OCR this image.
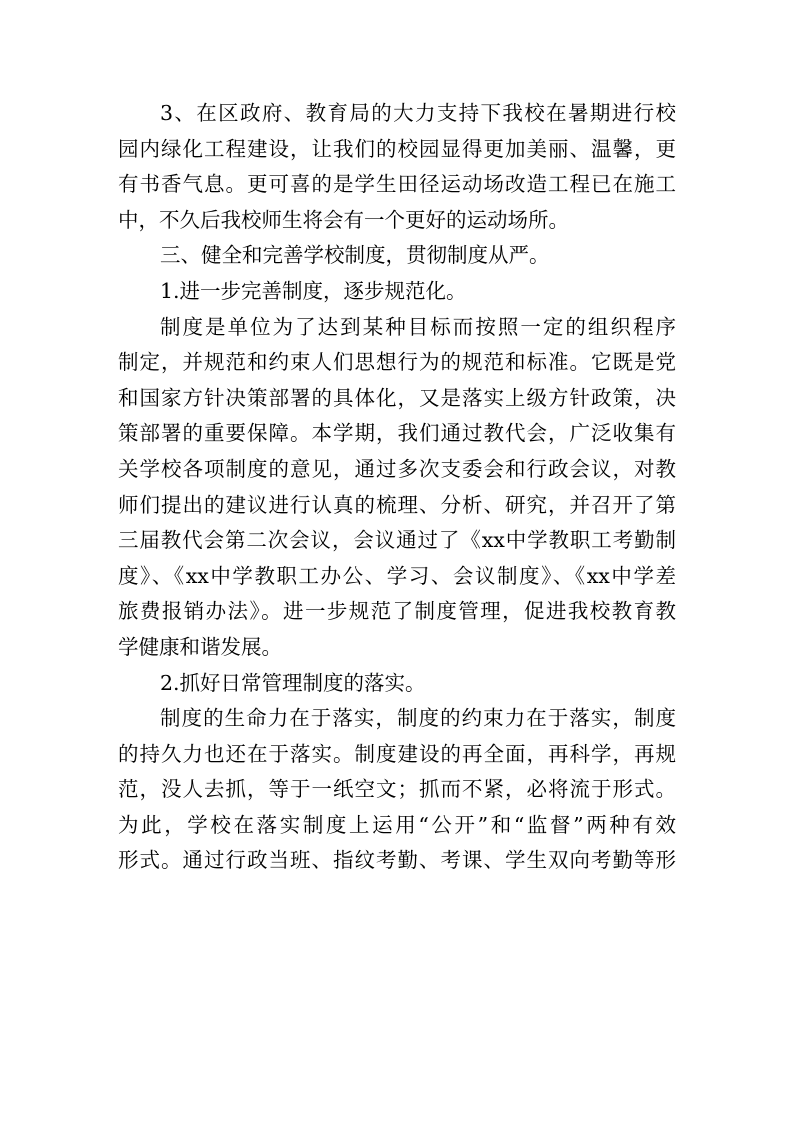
3、在区政府、教育局的大力支持下我校在暑期进行校
园内绿化工程建设，让我们的校园显得更加美丽、温馨，更
有书香气息。更可喜的是学生田径运动场改造工程已在施工
中，不久后我校师生将会有一个更好的运动场所。
三、健全和完善学校制度，贯彻制度从严。
1.进一步完善制度，逐步规范化。
制度是单位为了达到某种目标而按照一定的组织程序
制定，并规范和约束人们思想行为的规范和标准。它既是党
和国家方针决策部署的具体化，又是落实上级方针政策，决
策部署的重要保障。本学期，我们通过教代会，广泛收集有
关学校各项制度的意见，通过多次支委会和行政会议，对教
师们提出的建议进行认真的梳理、分析、研究，并召开了第
三届教代会第二次会议，会议通过了《xx中学教职工考勤制
度》、《xx中学教职工办公、学习、会议制度》、《xx中学差
旅费报销办法》。进一步规范了制度管理，促进我校教育教
学健康和谐发展。
2.抓好日常管理制度的落实。
制度的生命力在于落实，制度的约束力在于落实，制度
的持久力也还在于落实。制度建设的再全面，再科学，再规
范，没人去抓，等于一纸空文；抓而不紧，必将流于形式。
为此，学校在落实制度上运用“公开”和“监督”两种有效
形式。通过行政当班、指纹考勤、考课、学生双向考勤等形
